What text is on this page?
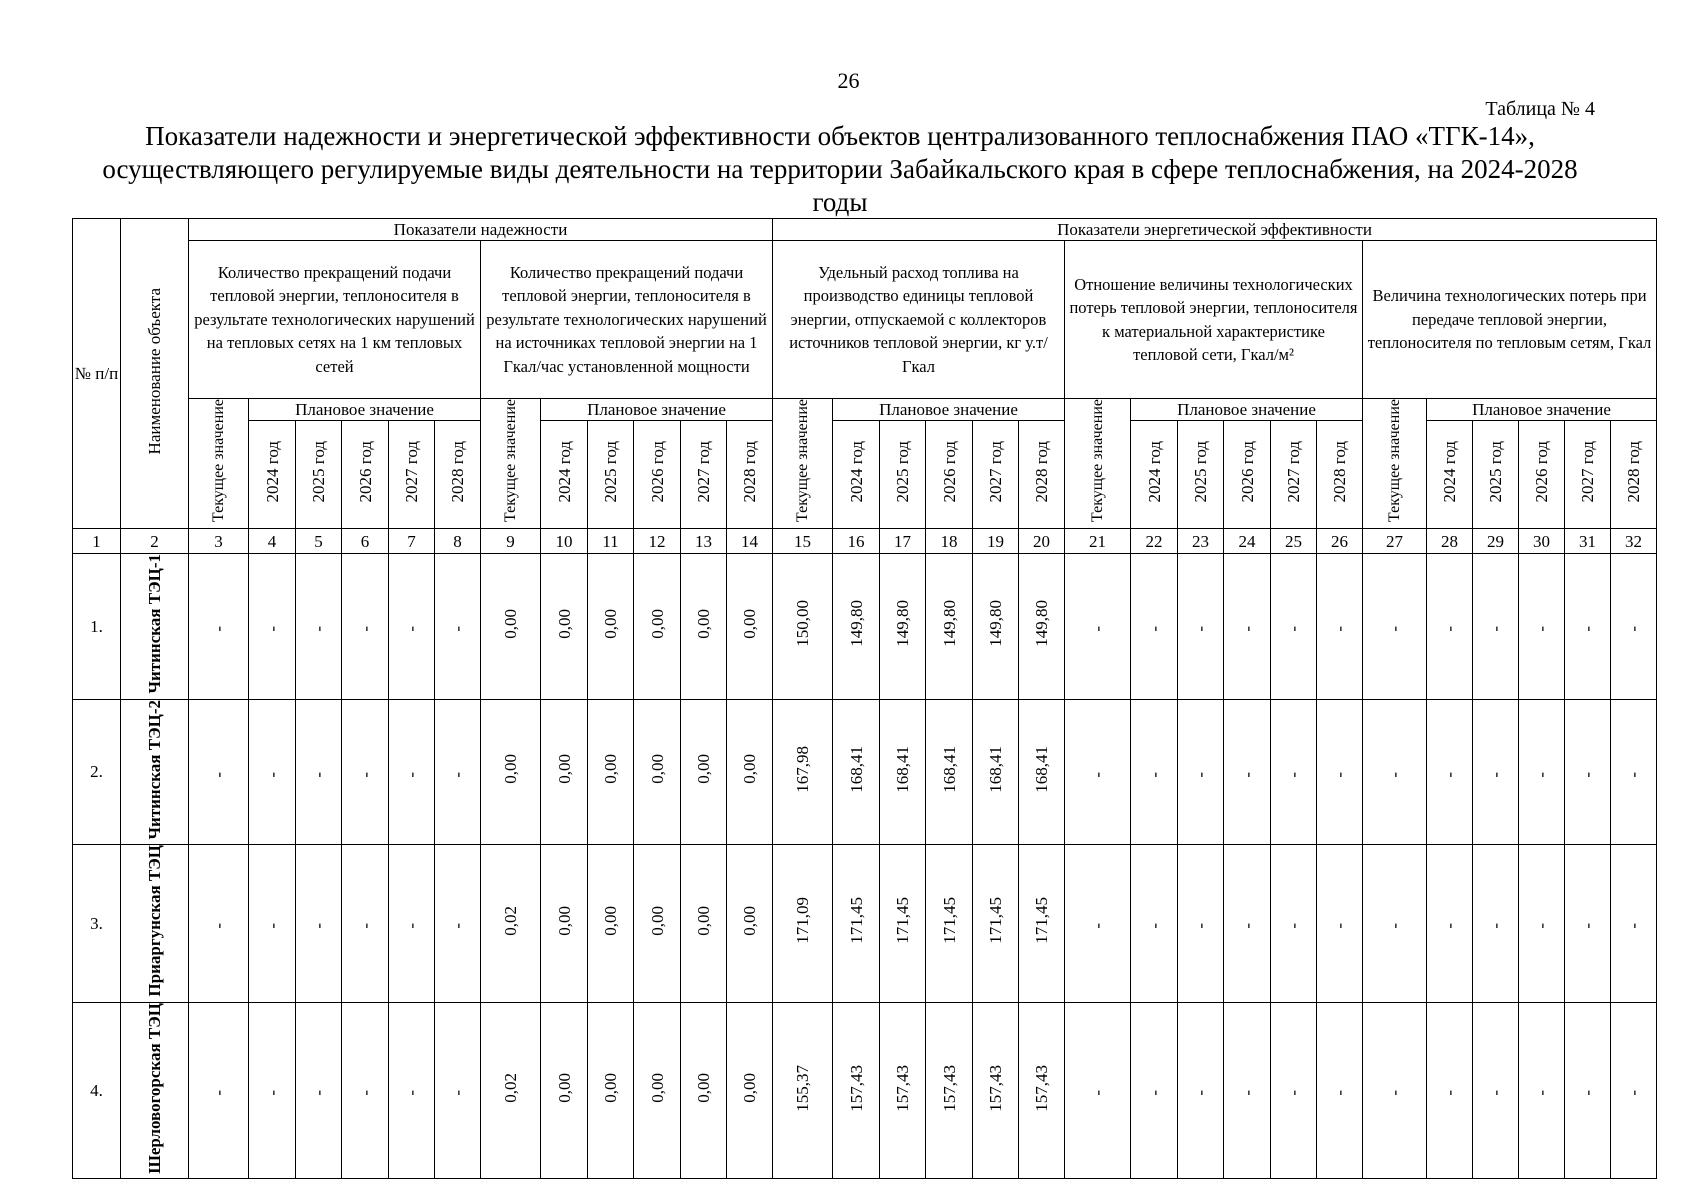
26
Таблица № 4
Показатели надежности и энергетической эффективности объектов централизованного теплоснабжения ПАО «ТГК-14», осуществляющего регулируемые виды деятельности на территории Забайкальского края в сфере теплоснабжения, на 2024-2028 годы
№ п/п	Наименование объекта	Показатели надежности												Показатели энергетической эффективности																	
		Количество прекращений подачи тепловой энергии, теплоносителя в результате технологических нарушений на тепловых сетях на 1 км тепловых сетей						Количество прекращений подачи тепловой энергии, теплоносителя в результате технологических нарушений на источниках тепловой энергии на 1 Гкал/час установленной мощности						Удельный расход топлива на производство единицы тепловой энергии, отпускаемой с коллекторов источников тепловой энергии, кг у.т/Гкал						Отношение величины технологических потерь тепловой энергии, теплоносителя к материальной характеристике тепловой сети, Гкал/м²						Величина технологических потерь при передаче тепловой энергии, теплоносителя по тепловым сетям, Гкал					
		Текущее значение	Плановое значение					Текущее значение	Плановое значение					Текущее значение	Плановое значение					Текущее значение	Плановое значение					Текущее значение	Плановое значение				
			2024 год	2025 год	2026 год	2027 год	2028 год		2024 год	2025 год	2026 год	2027 год	2028 год		2024 год	2025 год	2026 год	2027 год	2028 год		2024 год	2025 год	2026 год	2027 год	2028 год		2024 год	2025 год	2026 год	2027 год	2028 год
1	2	3	4	5	6	7	8	9	10	11	12	13	14	15	16	17	18	19	20	21	22	23	24	25	26	27	28	29	30	31	32
1.	Читинская ТЭЦ-1	-	-	-	-	-	-	0,00	0,00	0,00	0,00	0,00	0,00	150,00	149,80	149,80	149,80	149,80	149,80	-	-	-	-	-	-	-	-	-	-	-	-
2.	Читинская ТЭЦ-2	-	-	-	-	-	-	0,00	0,00	0,00	0,00	0,00	0,00	167,98	168,41	168,41	168,41	168,41	168,41	-	-	-	-	-	-	-	-	-	-	-	-
3.	Приаргунская ТЭЦ	-	-	-	-	-	-	0,02	0,00	0,00	0,00	0,00	0,00	171,09	171,45	171,45	171,45	171,45	171,45	-	-	-	-	-	-	-	-	-	-	-	-
4.	Шерловогорская ТЭЦ	-	-	-	-	-	-	0,02	0,00	0,00	0,00	0,00	0,00	155,37	157,43	157,43	157,43	157,43	157,43	-	-	-	-	-	-	-	-	-	-	-	-
